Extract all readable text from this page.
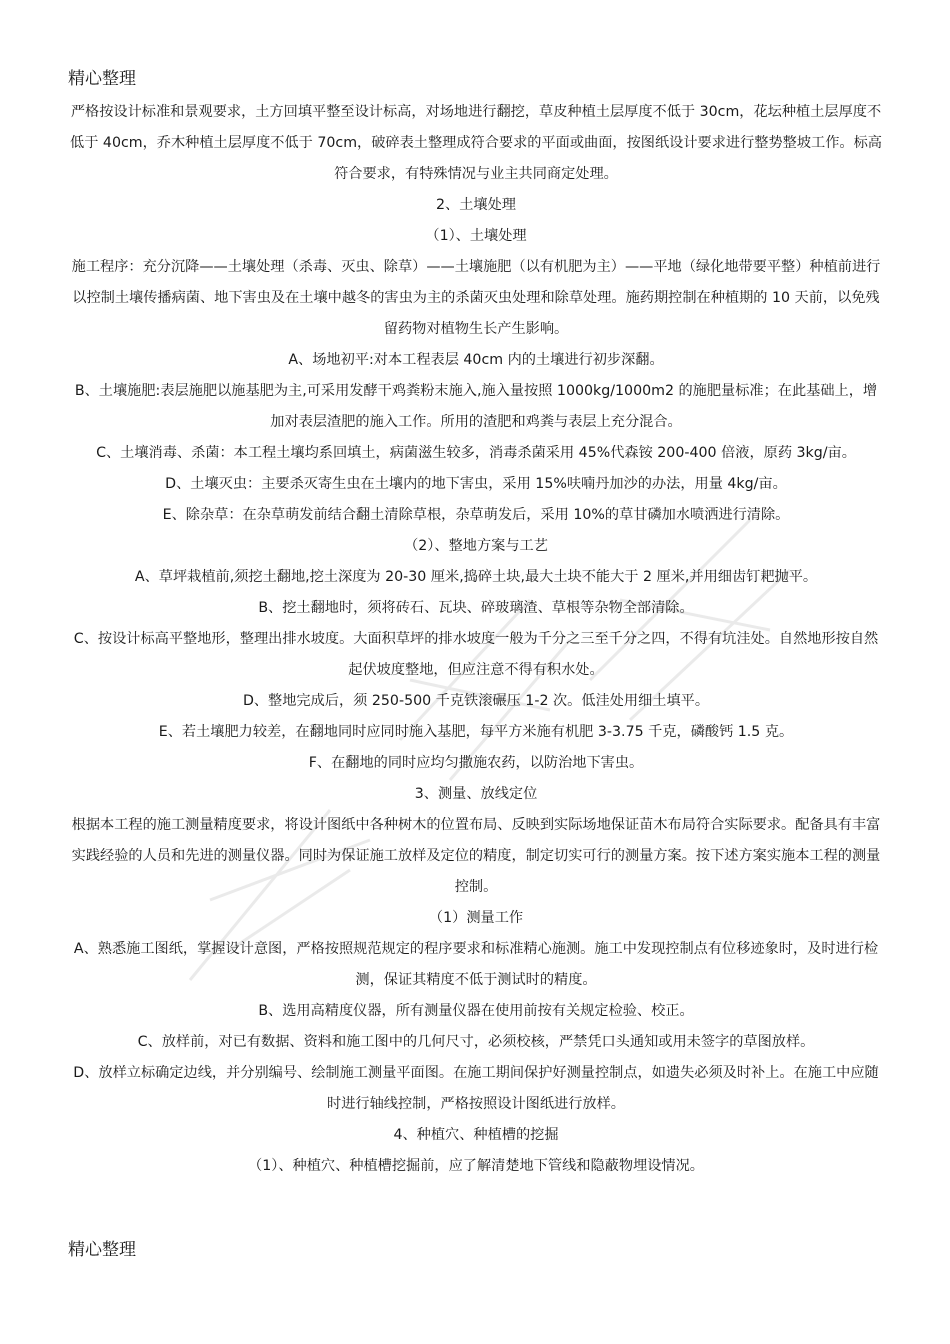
精心整理

严格按设计标准和景观要求，土方回填平整至设计标高，对场地进行翻挖，草皮种植土层厚度不低于 30cm，花坛种植土层厚度不低于 40cm，乔木种植土层厚度不低于 70cm，破碎表土整理成符合要求的平面或曲面，按图纸设计要求进行整势整坡工作。标高符合要求，有特殊情况与业主共同商定处理。

2、土壤处理

（1）、土壤处理

施工程序：充分沉降——土壤处理（杀毒、灭虫、除草）——土壤施肥（以有机肥为主）——平地（绿化地带要平整）种植前进行以控制土壤传播病菌、地下害虫及在土壤中越冬的害虫为主的杀菌灭虫处理和除草处理。施药期控制在种植期的 10 天前，以免残留药物对植物生长产生影响。

A、场地初平:对本工程表层 40cm 内的土壤进行初步深翻。

B、土壤施肥:表层施肥以施基肥为主,可采用发酵干鸡粪粉末施入,施入量按照 1000kg/1000m2 的施肥量标准；在此基础上，增加对表层渣肥的施入工作。所用的渣肥和鸡粪与表层上充分混合。

C、土壤消毒、杀菌：本工程土壤均系回填土，病菌滋生较多，消毒杀菌采用 45%代森铵 200-400 倍液，原药 3kg/亩。

D、土壤灭虫：主要杀灭寄生虫在土壤内的地下害虫，采用 15%呋喃丹加沙的办法，用量 4kg/亩。

E、除杂草：在杂草萌发前结合翻土清除草根，杂草萌发后，采用 10%的草甘磷加水喷洒进行清除。

（2）、整地方案与工艺

A、草坪栽植前,须挖土翻地,挖土深度为 20-30 厘米,捣碎土块,最大土块不能大于 2 厘米,并用细齿钉耙抛平。

B、挖土翻地时，须将砖石、瓦块、碎玻璃渣、草根等杂物全部清除。

C、按设计标高平整地形，整理出排水坡度。大面积草坪的排水坡度一般为千分之三至千分之四，不得有坑洼处。自然地形按自然起伏坡度整地，但应注意不得有积水处。

D、整地完成后，须 250-500 千克铁滚碾压 1-2 次。低洼处用细土填平。

E、若土壤肥力较差，在翻地同时应同时施入基肥，每平方米施有机肥 3-3.75 千克，磷酸钙 1.5 克。

F、在翻地的同时应均匀撒施农药，以防治地下害虫。

3、测量、放线定位

根据本工程的施工测量精度要求，将设计图纸中各种树木的位置布局、反映到实际场地保证苗木布局符合实际要求。配备具有丰富实践经验的人员和先进的测量仪器。同时为保证施工放样及定位的精度，制定切实可行的测量方案。按下述方案实施本工程的测量控制。

（1）测量工作

A、熟悉施工图纸，掌握设计意图，严格按照规范规定的程序要求和标准精心施测。施工中发现控制点有位移迹象时，及时进行检测，保证其精度不低于测试时的精度。

B、选用高精度仪器，所有测量仪器在使用前按有关规定检验、校正。

C、放样前，对已有数据、资料和施工图中的几何尺寸，必须校核，严禁凭口头通知或用未签字的草图放样。

D、放样立标确定边线，并分别编号、绘制施工测量平面图。在施工期间保护好测量控制点，如遗失必须及时补上。在施工中应随时进行轴线控制，严格按照设计图纸进行放样。

4、种植穴、种植槽的挖掘

（1）、种植穴、种植槽挖掘前，应了解清楚地下管线和隐蔽物埋设情况。

精心整理
